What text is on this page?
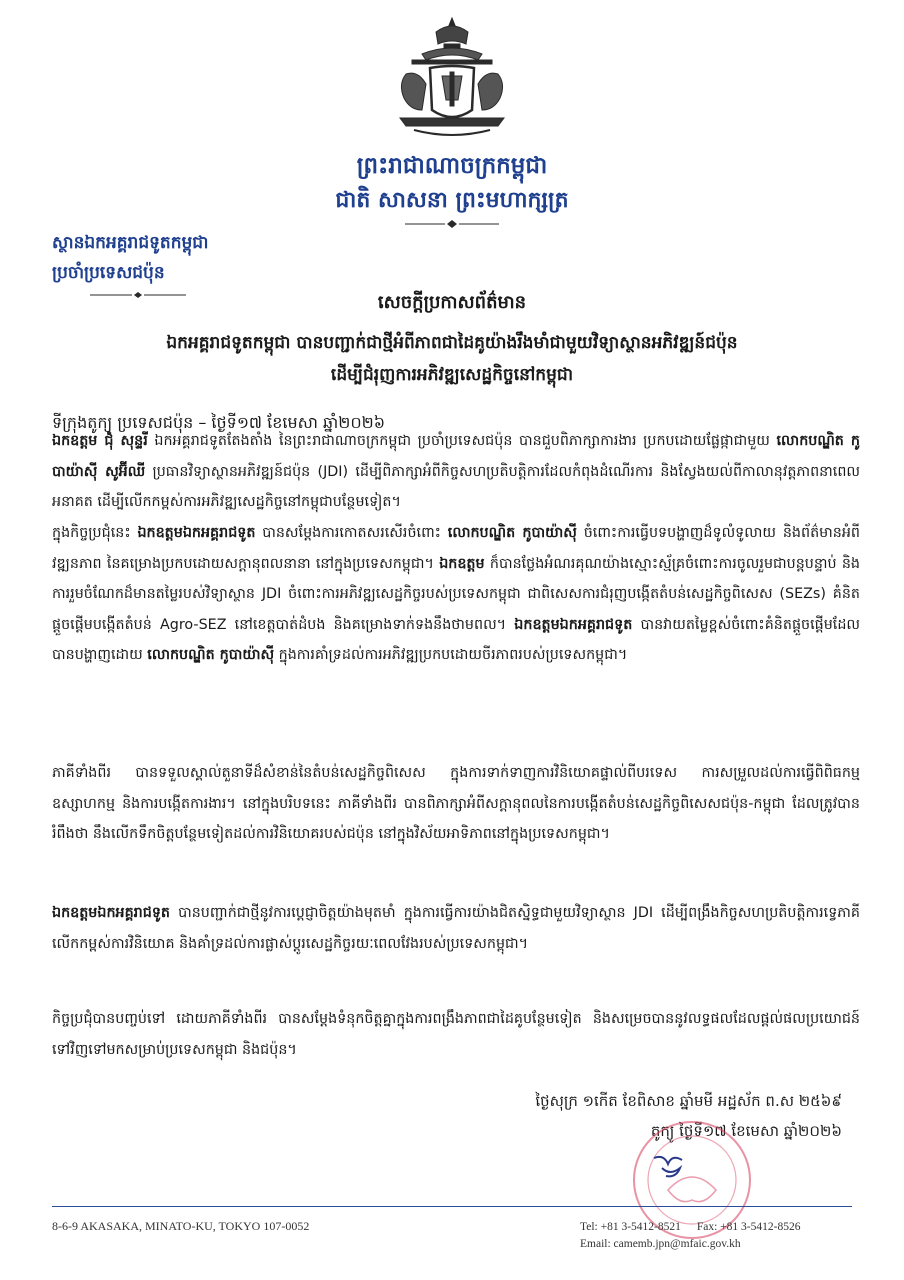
ព្រះរាជាណាចក្រកម្ពុជា
ជាតិ សាសនា ព្រះមហាក្សត្រ
ស្ថានឯកអគ្គរាជទូតកម្ពុជា
ប្រចាំប្រទេសជប៉ុន
សេចក្តីប្រកាសព័ត៌មាន
ឯកអគ្គរាជទូតកម្ពុជា បានបញ្ជាក់ជាថ្មីអំពីភាពជាដៃគូយ៉ាងរឹងមាំជាមួយវិទ្យាស្ថានអភិវឌ្ឍន៍ជប៉ុន
ដើម្បីជំរុញការអភិវឌ្ឍសេដ្ឋកិច្ចនៅកម្ពុជា
ទីក្រុងតូក្យូ ប្រទេសជប៉ុន – ថ្ងៃទី១៧ ខែមេសា ឆ្នាំ២០២៦

ឯកឧត្តម ជុំ សុន្ទរី ឯកអគ្គរាជទូតតែងតាំង នៃព្រះរាជាណាចក្រកម្ពុជា ប្រចាំប្រទេសជប៉ុន បានជួបពិភាក្សាការងារ ប្រកបដោយផ្លែផ្កាជាមួយ លោកបណ្ឌិត កូបាយ៉ាស៊ី សូអ៊ីឈី ប្រធានវិទ្យាស្ថានអភិវឌ្ឍន៍ជប៉ុន (JDI) ដើម្បីពិភាក្សាអំពីកិច្ចសហប្រតិបត្តិការដែលកំពុងដំណើរការ និងស្វែងយល់ពីកាលានុវត្តភាពនាពេលអនាគត ដើម្បីលើកកម្ពស់ការអភិវឌ្ឍសេដ្ឋកិច្ចនៅកម្ពុជាបន្ថែមទៀត។

ក្នុងកិច្ចប្រជុំនេះ ឯកឧត្តមឯកអគ្គរាជទូត បានសម្តែងការកោតសរសើរចំពោះ លោកបណ្ឌិត កូបាយ៉ាស៊ី ចំពោះការធ្វើបទបង្ហាញដ៏ទូលំទូលាយ និងព័ត៌មានអំពីវឌ្ឍនភាព នៃគម្រោងប្រកបដោយសក្តានុពលនានា នៅក្នុងប្រទេសកម្ពុជា។ ឯកឧត្តម ក៏បានថ្លែងអំណរគុណយ៉ាងស្មោះស្ម័គ្រចំពោះការចូលរួមជាបន្តបន្ទាប់ និងការរួមចំណែកដ៏មានតម្លៃរបស់វិទ្យាស្ថាន JDI ចំពោះការអភិវឌ្ឍសេដ្ឋកិច្ចរបស់ប្រទេសកម្ពុជា ជាពិសេសការជំរុញបង្កើតតំបន់សេដ្ឋកិច្ចពិសេស (SEZs) គំនិតផ្តួចផ្តើមបង្កើតតំបន់ Agro-SEZ នៅខេត្តបាត់ដំបង និងគម្រោងទាក់ទងនឹងថាមពល។ ឯកឧត្តមឯកអគ្គរាជទូត បានវាយតម្លៃខ្ពស់ចំពោះគំនិតផ្តួចផ្តើមដែលបានបង្ហាញដោយ លោកបណ្ឌិត កូបាយ៉ាស៊ី ក្នុងការគាំទ្រដល់ការអភិវឌ្ឍប្រកបដោយចីរភាពរបស់ប្រទេសកម្ពុជា។

ភាគីទាំងពីរ បានទទួលស្គាល់តួនាទីដ៏សំខាន់នៃតំបន់សេដ្ឋកិច្ចពិសេស ក្នុងការទាក់ទាញការវិនិយោគផ្ទាល់ពីបរទេស ការសម្រួលដល់ការធ្វើពិពិធកម្មឧស្សាហកម្ម និងការបង្កើតការងារ។ នៅក្នុងបរិបទនេះ ភាគីទាំងពីរ បានពិភាក្សាអំពីសក្តានុពលនៃការបង្កើតតំបន់សេដ្ឋកិច្ចពិសេសជប៉ុន-កម្ពុជា ដែលត្រូវបានរំពឹងថា នឹងលើកទឹកចិត្តបន្ថែមទៀតដល់ការវិនិយោគរបស់ជប៉ុន នៅក្នុងវិស័យអាទិភាពនៅក្នុងប្រទេសកម្ពុជា។

ឯកឧត្តមឯកអគ្គរាជទូត បានបញ្ជាក់ជាថ្មីនូវការប្តេជ្ញាចិត្តយ៉ាងមុតមាំ ក្នុងការធ្វើការយ៉ាងជិតស្និទ្ធជាមួយវិទ្យាស្ថាន JDI ដើម្បីពង្រឹងកិច្ចសហប្រតិបត្តិការទ្វេភាគី លើកកម្ពស់ការវិនិយោគ និងគាំទ្រដល់ការផ្លាស់ប្តូរសេដ្ឋកិច្ចរយៈពេលវែងរបស់ប្រទេសកម្ពុជា។

កិច្ចប្រជុំបានបញ្ចប់ទៅ ដោយភាគីទាំងពីរ បានសម្តែងទំនុកចិត្តគ្នាក្នុងការពង្រឹងភាពជាដៃគូបន្ថែមទៀត និងសម្រេចបាននូវលទ្ធផលដែលផ្តល់ផលប្រយោជន៍ទៅវិញទៅមកសម្រាប់ប្រទេសកម្ពុជា និងជប៉ុន។

ថ្ងៃសុក្រ ១កើត ខែពិសាខ ឆ្នាំមមី អដ្ឋស័ក ព.ស ២៥៦៩
តូក្យូ ថ្ងៃទី១៧ ខែមេសា ឆ្នាំ២០២៦
8-6-9 AKASAKA, MINATO-KU, TOKYO 107-0052	Tel: +81 3-5412-8521 Fax: +81 3-5412-8526
Email: camemb.jpn@mfaic.gov.kh
